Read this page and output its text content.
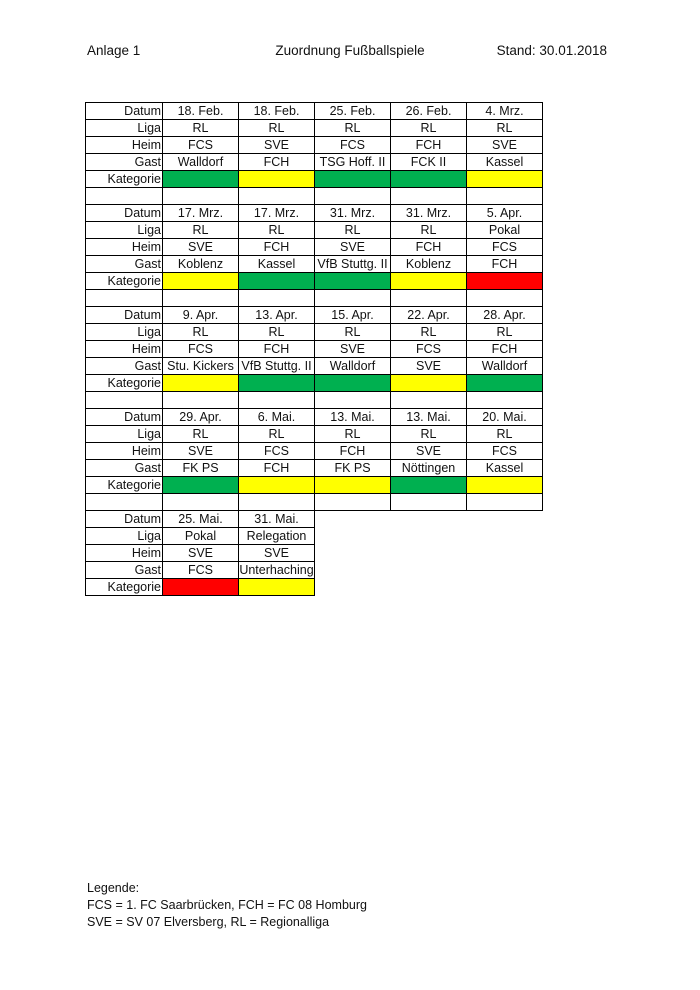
Anlage 1	Zuordnung Fußballspiele	Stand: 30.01.2018
Datum	18. Feb.	18. Feb.	25. Feb.	26. Feb.	4. Mrz.
Liga	RL	RL	RL	RL	RL
Heim	FCS	SVE	FCS	FCH	SVE
Gast	Walldorf	FCH	TSG Hoff. II	FCK II	Kassel
Kategorie					

Datum	17. Mrz.	17. Mrz.	31. Mrz.	31. Mrz.	5. Apr.
Liga	RL	RL	RL	RL	Pokal
Heim	SVE	FCH	SVE	FCH	FCS
Gast	Koblenz	Kassel	VfB Stuttg. II	Koblenz	FCH
Kategorie					

Datum	9. Apr.	13. Apr.	15. Apr.	22. Apr.	28. Apr.
Liga	RL	RL	RL	RL	RL
Heim	FCS	FCH	SVE	FCS	FCH
Gast	Stu. Kickers	VfB Stuttg. II	Walldorf	SVE	Walldorf
Kategorie					

Datum	29. Apr.	6. Mai.	13. Mai.	13. Mai.	20. Mai.
Liga	RL	RL	RL	RL	RL
Heim	SVE	FCS	FCH	SVE	FCS
Gast	FK PS	FCH	FK PS	Nöttingen	Kassel
Kategorie					

Datum	25. Mai.	31. Mai.			
Liga	Pokal	Relegation			
Heim	SVE	SVE			
Gast	FCS	Unterhaching			
Kategorie					
Legende:
FCS = 1. FC Saarbrücken, FCH = FC 08 Homburg
SVE = SV 07 Elversberg, RL = Regionalliga
